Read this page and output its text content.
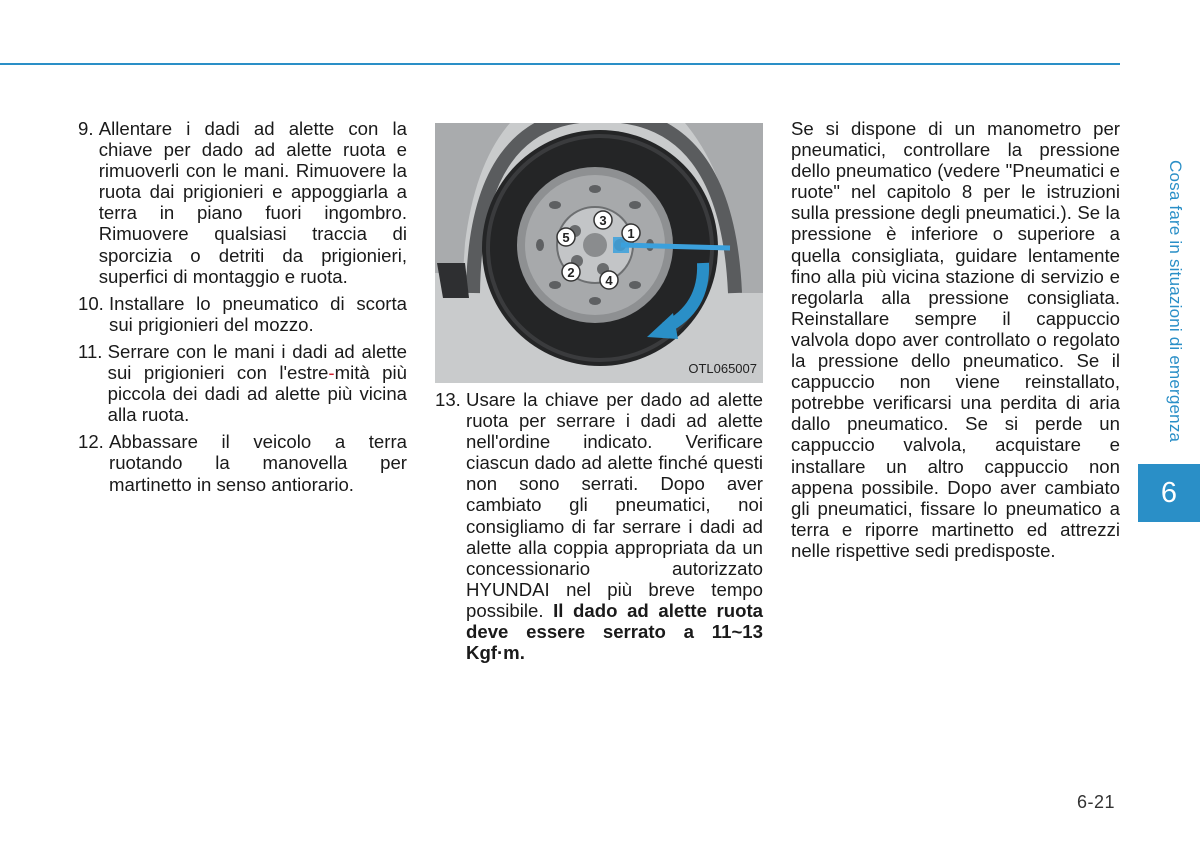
9. Allentare i dadi ad alette con la chiave per dado ad alette ruota e rimuoverli con le mani. Rimuovere la ruota dai prigionieri e appoggiarla a terra in piano fuori ingombro. Rimuovere qualsiasi traccia di sporcizia o detriti da prigionieri, superfici di montaggio e ruota.
10. Installare lo pneumatico di scorta sui prigionieri del mozzo.
11. Serrare con le mani i dadi ad alette sui prigionieri con l'estre-mità più piccola dei dadi ad alette più vicina alla ruota.
12. Abbassare il veicolo a terra ruotando la manovella per martinetto in senso antiorario.
1
2
3
4
5
OTL065007
13. Usare la chiave per dado ad alette ruota per serrare i dadi ad alette nell'ordine indicato. Verificare ciascun dado ad alette finché questi non sono serrati. Dopo aver cambiato gli pneumatici, noi consigliamo di far serrare i dadi ad alette alla coppia appropriata da un concessionario autorizzato HYUNDAI nel più breve tempo possibile. Il dado ad alette ruota deve essere serrato a 11~13 Kgf·m.

Se si dispone di un manometro per pneumatici, controllare la pressione dello pneumatico (vedere "Pneumatici e ruote" nel capitolo 8 per le istruzioni sulla pressione degli pneumatici.). Se la pressione è inferiore o superiore a quella consigliata, guidare lentamente fino alla più vicina stazione di servizio e regolarla alla pressione consigliata. Reinstallare sempre il cappuccio valvola dopo aver controllato o regolato la pressione dello pneumatico. Se il cappuccio non viene reinstallato, potrebbe verificarsi una perdita di aria dallo pneumatico. Se si perde un cappuccio valvola, acquistare e installare un altro cappuccio non appena possibile. Dopo aver cambiato gli pneumatici, fissare lo pneumatico a terra e riporre martinetto ed attrezzi nelle rispettive sedi predisposte.

Cosa fare in situazioni di emergenza
6
6-21
